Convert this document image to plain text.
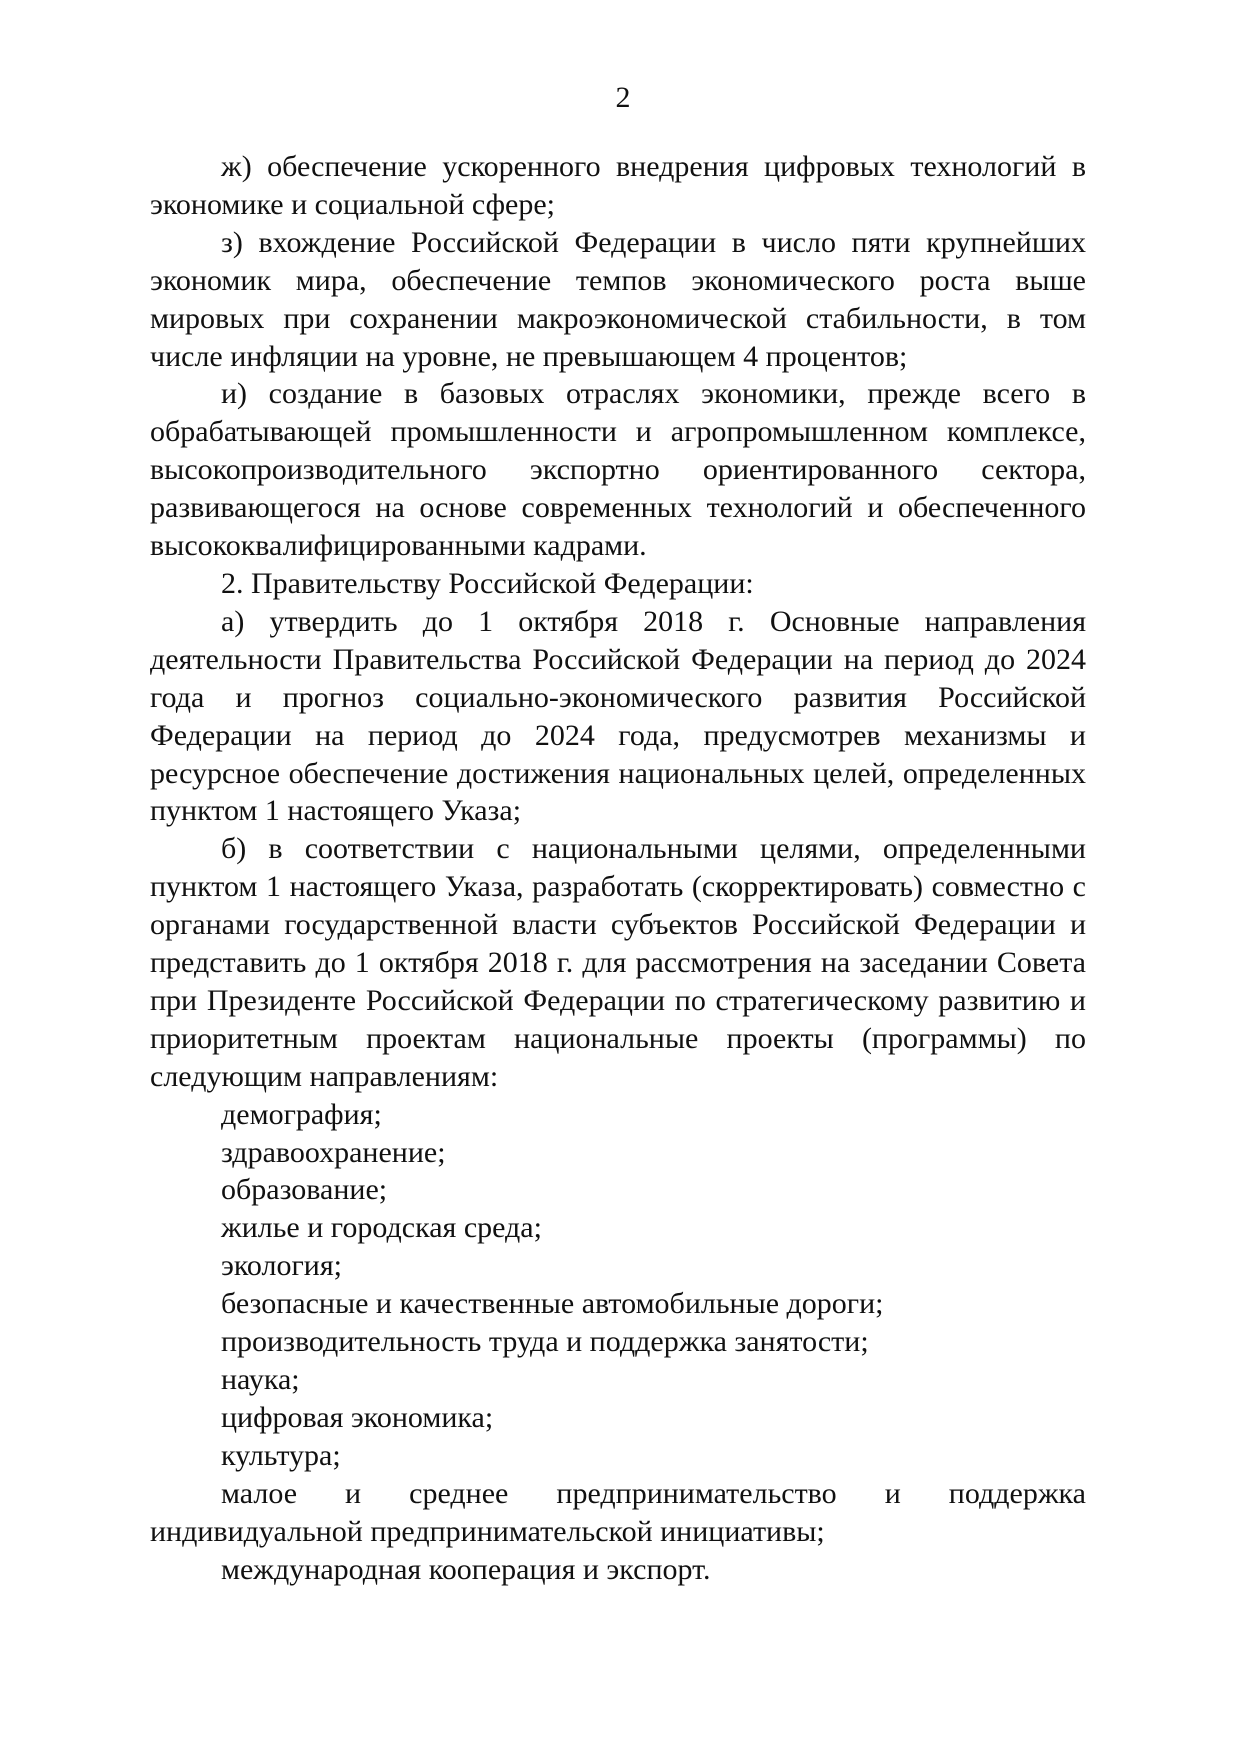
2

ж) обеспечение ускоренного внедрения цифровых технологий в экономике и социальной сфере;

з) вхождение Российской Федерации в число пяти крупнейших экономик мира, обеспечение темпов экономического роста выше мировых при сохранении макроэкономической стабильности, в том числе инфляции на уровне, не превышающем 4 процентов;

и) создание в базовых отраслях экономики, прежде всего в обрабатывающей промышленности и агропромышленном комплексе, высокопроизводительного экспортно ориентированного сектора, развивающегося на основе современных технологий и обеспеченного высококвалифицированными кадрами.

2. Правительству Российской Федерации:

а) утвердить до 1 октября 2018 г. Основные направления деятельности Правительства Российской Федерации на период до 2024 года и прогноз социально-экономического развития Российской Федерации на период до 2024 года, предусмотрев механизмы и ресурсное обеспечение достижения национальных целей, определенных пунктом 1 настоящего Указа;

б) в соответствии с национальными целями, определенными пунктом 1 настоящего Указа, разработать (скорректировать) совместно с органами государственной власти субъектов Российской Федерации и представить до 1 октября 2018 г. для рассмотрения на заседании Совета при Президенте Российской Федерации по стратегическому развитию и приоритетным проектам национальные проекты (программы) по следующим направлениям:

демография;

здравоохранение;

образование;

жилье и городская среда;

экология;

безопасные и качественные автомобильные дороги;

производительность труда и поддержка занятости;

наука;

цифровая экономика;

культура;

малое и среднее предпринимательство и поддержка индивидуальной предпринимательской инициативы;

международная кооперация и экспорт.
